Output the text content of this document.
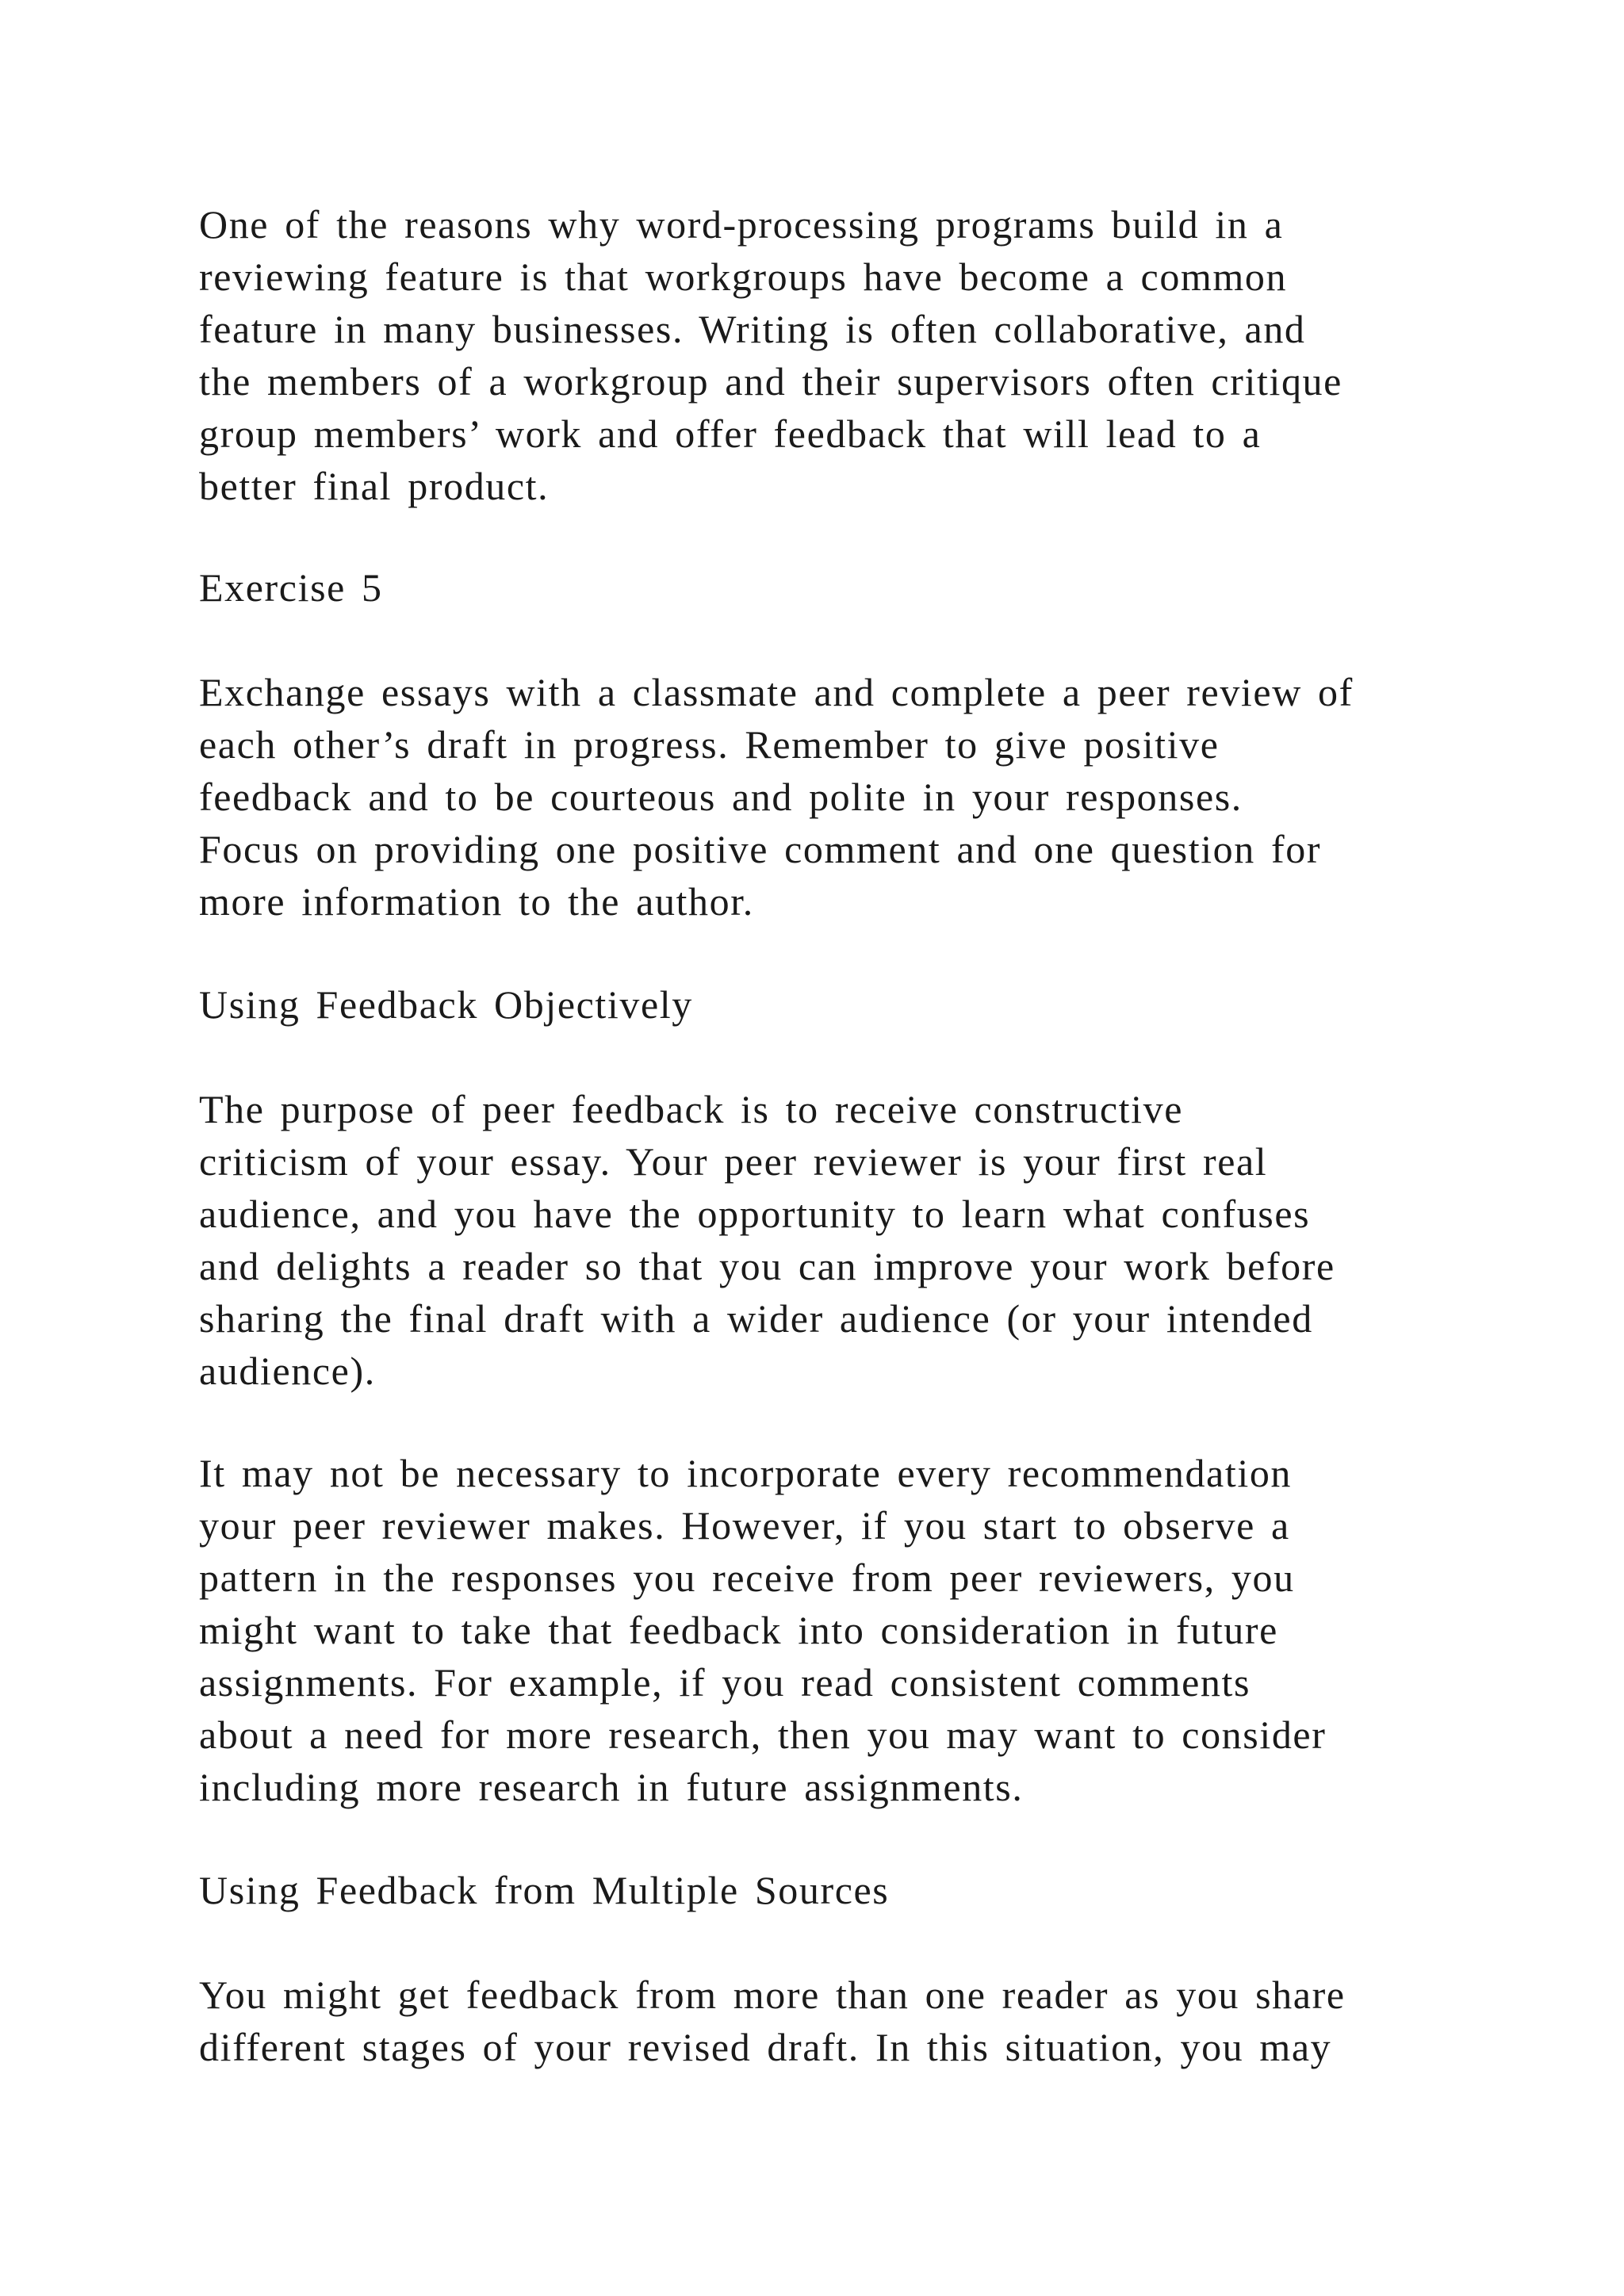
One of the reasons why word-processing programs build in a
reviewing feature is that workgroups have become a common
feature in many businesses. Writing is often collaborative, and
the members of a workgroup and their supervisors often critique
group members’ work and offer feedback that will lead to a
better final product.
Exercise 5
Exchange essays with a classmate and complete a peer review of
each other’s draft in progress. Remember to give positive
feedback and to be courteous and polite in your responses.
Focus on providing one positive comment and one question for
more information to the author.
Using Feedback Objectively
The purpose of peer feedback is to receive constructive
criticism of your essay. Your peer reviewer is your first real
audience, and you have the opportunity to learn what confuses
and delights a reader so that you can improve your work before
sharing the final draft with a wider audience (or your intended
audience).
It may not be necessary to incorporate every recommendation
your peer reviewer makes. However, if you start to observe a
pattern in the responses you receive from peer reviewers, you
might want to take that feedback into consideration in future
assignments. For example, if you read consistent comments
about a need for more research, then you may want to consider
including more research in future assignments.
Using Feedback from Multiple Sources
You might get feedback from more than one reader as you share
different stages of your revised draft. In this situation, you may
